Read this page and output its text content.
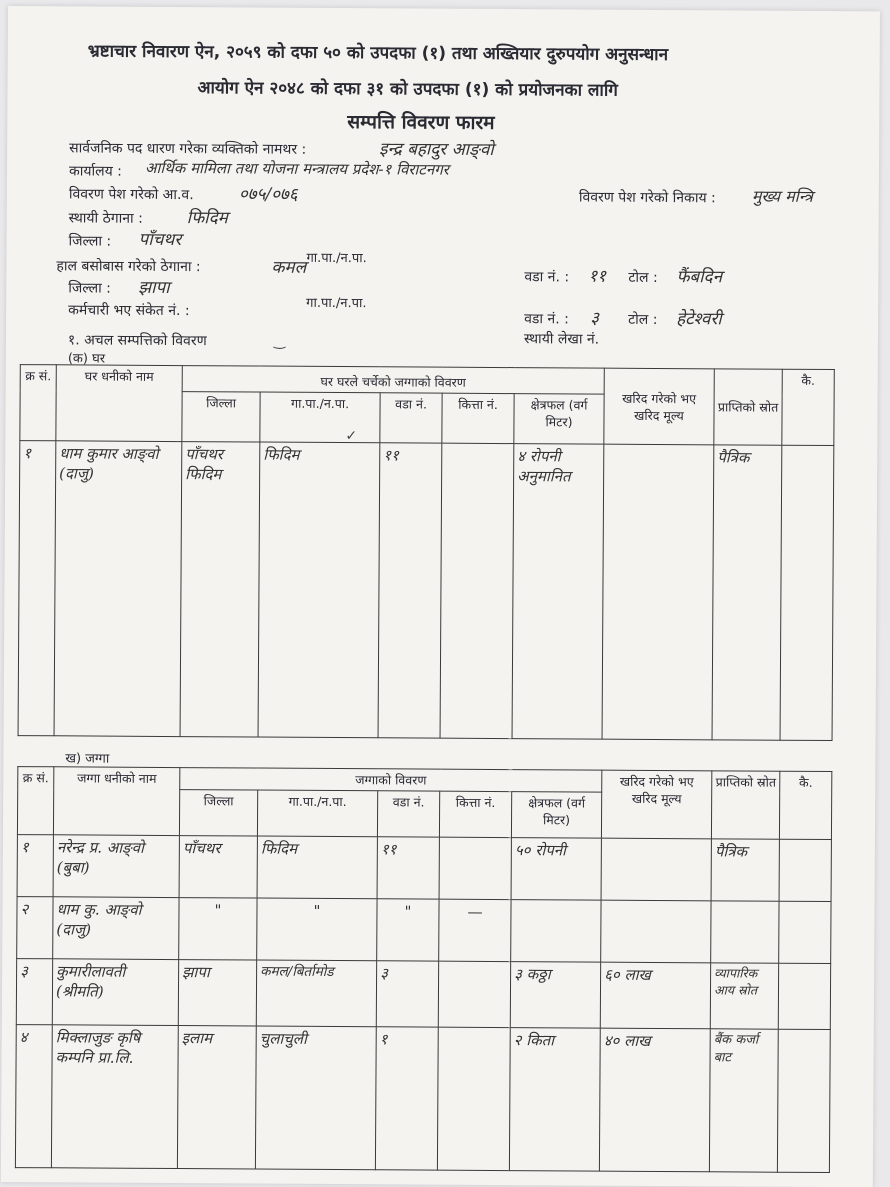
भ्रष्टाचार निवारण ऐन, २०५९ को दफा ५० को उपदफा (१) तथा अख्तियार दुरुपयोग अनुसन्धान
आयोग ऐन २०४८ को दफा ३१ को उपदफा (१) को प्रयोजनका लागि
सम्पत्ति विवरण फारम
सार्वजनिक पद धारण गरेका व्यक्तिको नामथर :	इन्द्र बहादुर आङ्वो
कार्यालय : आर्थिक मामिला तथा योजना मन्त्रालय प्रदेश-१ विराटनगर
विवरण पेश गरेको निकाय : मुख्य मन्त्रि
विवरण पेश गरेको आ.व.	०७५/०७६
स्थायी ठेगाना :	फिदिम
जिल्ला : पाँचथर
गा.पा./न.पा.
वडा नं. : ११ टोल : फैंबदिन
हाल बसोबास गरेको ठेगाना :	कमल
जिल्ला : झापा
गा.पा./न.पा.
वडा नं. : ३ टोल : हेटेश्वरी
कर्मचारी भए संकेत नं. :
स्थायी लेखा नं.
१. अचल सम्पत्तिको विवरण
(क) घर
क्र सं.	घर धनीको नाम	घर घरले चर्चेको जग्गाको विवरण					खरिद गरेको भए खरिद मूल्य	प्राप्तिको स्रोत	कै.
		जिल्ला	गा.पा./न.पा.	वडा नं.	कित्ता नं.	क्षेत्रफल (वर्ग मिटर)			
१	धाम कुमार आङ्वो (दाजु)	पाँचथर फिदिम	फिदिम	११		४ रोपनी अनुमानित		पैत्रिक	
ख) जग्गा
क्र सं.	जग्गा धनीको नाम	जग्गाको विवरण					खरिद गरेको भए खरिद मूल्य	प्राप्तिको स्रोत	कै.
		जिल्ला	गा.पा./न.पा.	वडा नं.	कित्ता नं.	क्षेत्रफल (वर्ग मिटर)			
१	नरेन्द्र प्र. आङ्वो (बुबा)	पाँचथर	फिदिम	११		५० रोपनी		पैत्रिक	
२	धाम कु. आङ्वो (दाजु)	"	"	"	—				
३	कुमारीलावती (श्रीमति)	झापा	कमल/बिर्तामोड	३		३ कठ्ठा	६० लाख	व्यापारिक आय स्रोत	
४	मिक्लाजुङ कृषि कम्पनि प्रा.लि.	इलाम	चुलाचुली	१		२ किता	४० लाख	बैंक कर्जा बाट	
✓
‿
